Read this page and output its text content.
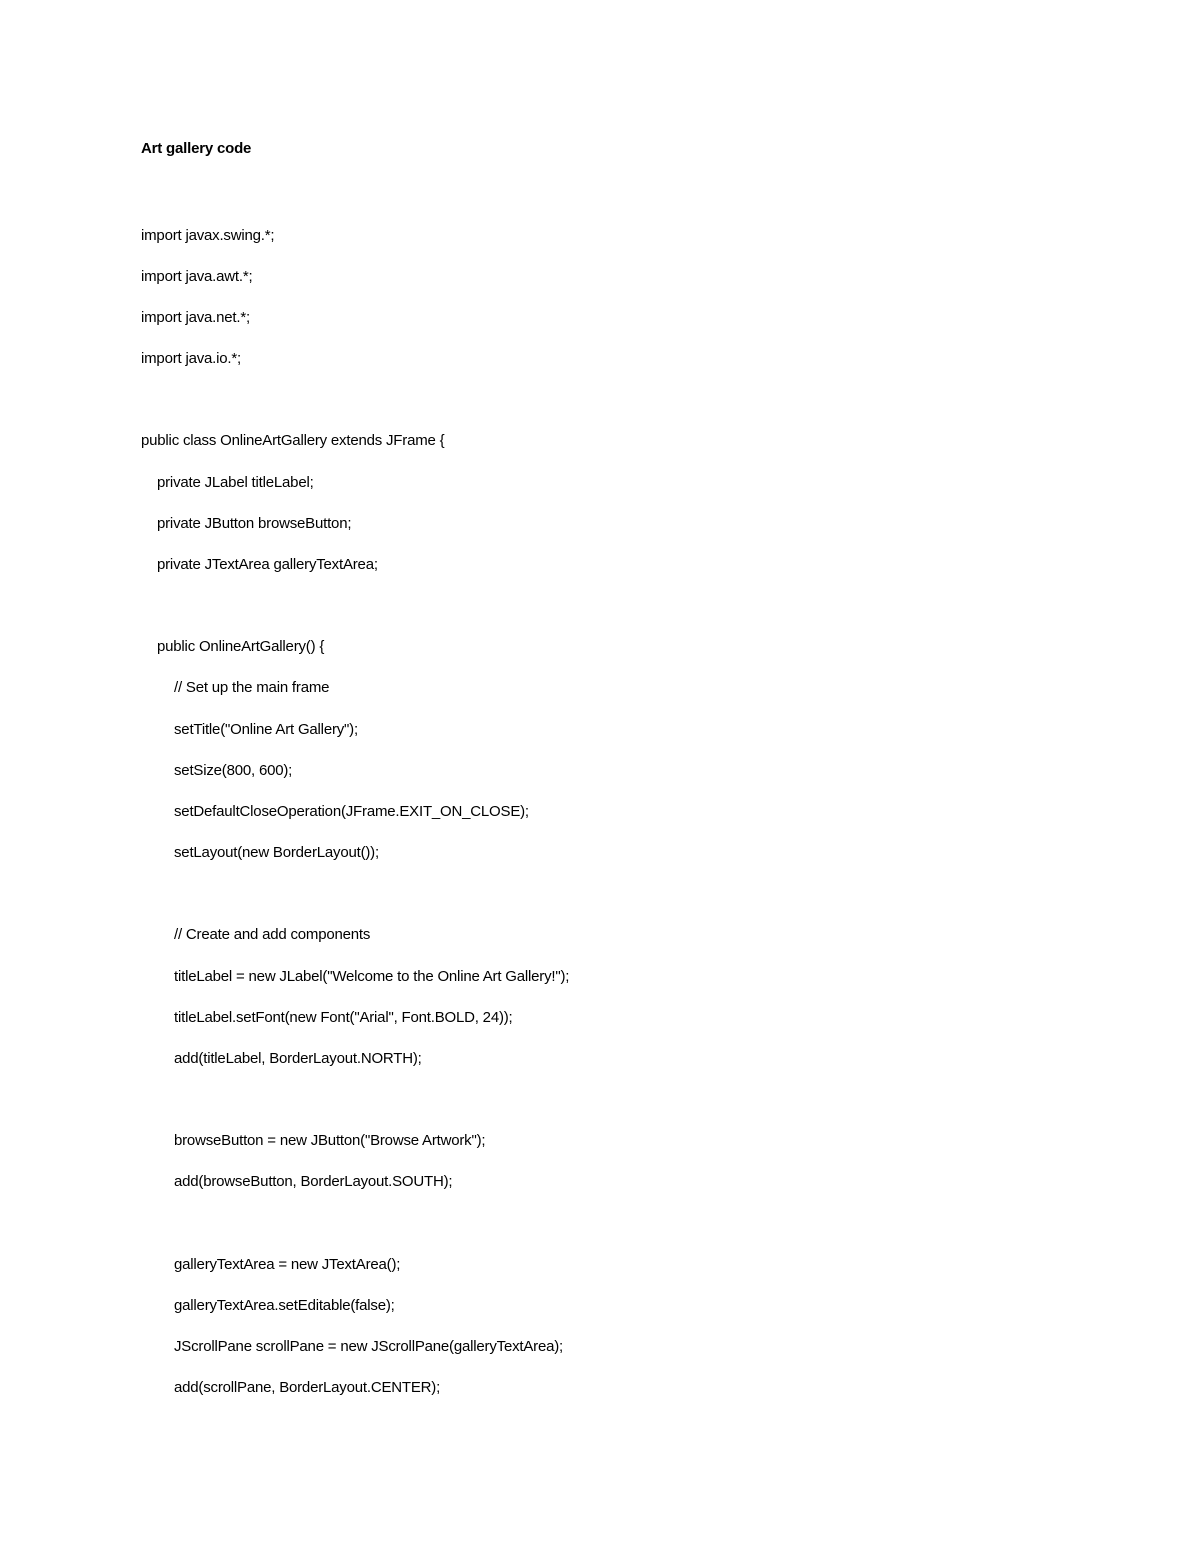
Art gallery code
import javax.swing.*;
import java.awt.*;
import java.net.*;
import java.io.*;
public class OnlineArtGallery extends JFrame {
private JLabel titleLabel;
private JButton browseButton;
private JTextArea galleryTextArea;
public OnlineArtGallery() {
// Set up the main frame
setTitle("Online Art Gallery");
setSize(800, 600);
setDefaultCloseOperation(JFrame.EXIT_ON_CLOSE);
setLayout(new BorderLayout());
// Create and add components
titleLabel = new JLabel("Welcome to the Online Art Gallery!");
titleLabel.setFont(new Font("Arial", Font.BOLD, 24));
add(titleLabel, BorderLayout.NORTH);
browseButton = new JButton("Browse Artwork");
add(browseButton, BorderLayout.SOUTH);
galleryTextArea = new JTextArea();
galleryTextArea.setEditable(false);
JScrollPane scrollPane = new JScrollPane(galleryTextArea);
add(scrollPane, BorderLayout.CENTER);
